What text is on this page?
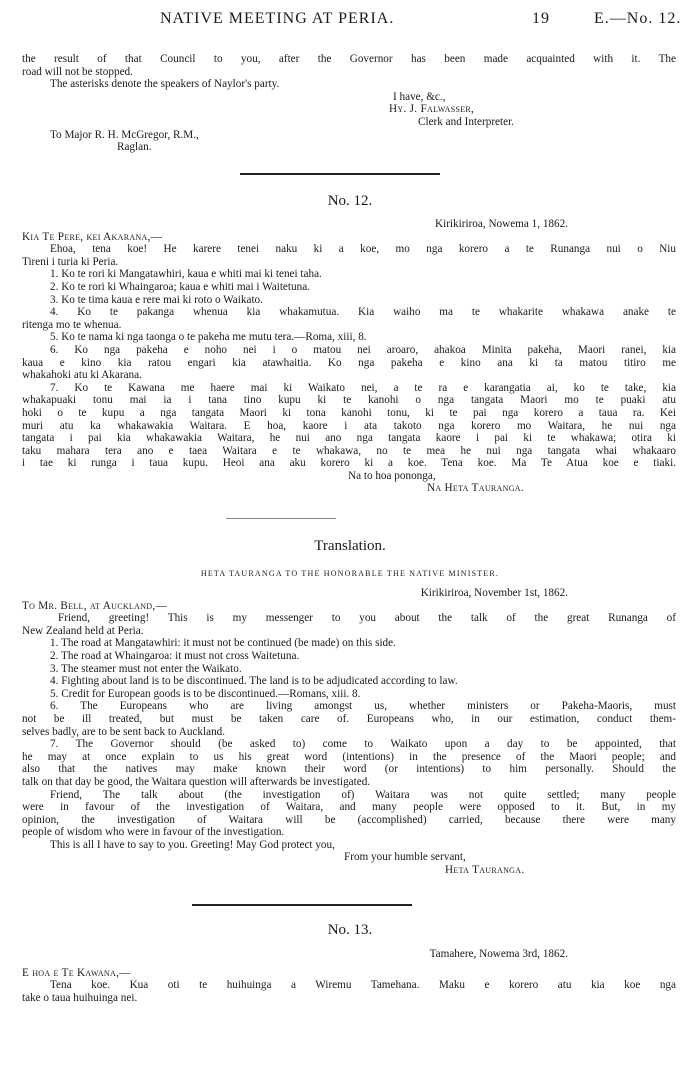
NATIVE MEETING AT PERIA.	19	E.—No. 12.
the result of that Council to you, after the Governor has been made acquainted with it. The
road will not be stopped.
The asterisks denote the speakers of Naylor's party.
I have, &c.,
Hy. J. Falwasser,
Clerk and Interpreter.
To Major R. H. McGregor, R.M.,
Raglan.
No. 12.
Kirikiriroa, Nowema 1, 1862.
Kia Te Pere, kei Akarana,—
Ehoa, tena koe! He karere tenei naku ki a koe, mo nga korero a te Runanga nui o Niu
Tireni i turia ki Peria.
1. Ko te rori ki Mangatawhiri, kaua e whiti mai ki tenei taha.
2. Ko te rori ki Whaingaroa; kaua e whiti mai i Waitetuna.
3. Ko te tima kaua e rere mai ki roto o Waikato.
4. Ko te pakanga whenua kia whakamutua. Kia waiho ma te whakarite whakawa anake te
ritenga mo te whenua.
5. Ko te nama ki nga taonga o te pakeha me mutu tera.—Roma, xiii, 8.
6. Ko nga pakeha e noho nei i o matou nei aroaro, ahakoa Minita pakeha, Maori ranei, kia
kaua e kino kia ratou engari kia atawhaitia. Ko nga pakeha e kino ana ki ta matou titiro me
whakahoki atu ki Akarana.
7. Ko te Kawana me haere mai ki Waikato nei, a te ra e karangatia ai, ko te take, kia
whakapuaki tonu mai ia i tana tino kupu ki te kanohi o nga tangata Maori mo te puaki atu
hoki o te kupu a nga tangata Maori ki tona kanohi tonu, ki te pai nga korero a taua ra. Kei
muri atu ka whakawakia Waitara. E hoa, kaore i ata takoto nga korero mo Waitara, he nui nga
tangata i pai kia whakawakia Waitara, he nui ano nga tangata kaore i pai ki te whakawa; otira ki
taku mahara tera ano e taea Waitara e te whakawa, no te mea he nui nga tangata whai whakaaro
i tae ki runga i taua kupu. Heoi ana aku korero ki a koe. Tena koe. Ma Te Atua koe e tiaki.
Na to hoa pononga,
Na Heta Tauranga.
Translation.
HETA TAURANGA TO THE HONORABLE THE NATIVE MINISTER.
Kirikiriroa, November 1st, 1862.
To Mr. Bell, at Auckland,—
Friend, greeting! This is my messenger to you about the talk of the great Runanga of
New Zealand held at Peria.
1. The road at Mangatawhiri: it must not be continued (be made) on this side.
2. The road at Whaingaroa: it must not cross Waitetuna.
3. The steamer must not enter the Waikato.
4. Fighting about land is to be discontinued. The land is to be adjudicated according to law.
5. Credit for European goods is to be discontinued.—Romans, xiii. 8.
6. The Europeans who are living amongst us, whether ministers or Pakeha-Maoris, must
not be ill treated, but must be taken care of. Europeans who, in our estimation, conduct them-
selves badly, are to be sent back to Auckland.
7. The Governor should (be asked to) come to Waikato upon a day to be appointed, that
he may at once explain to us his great word (intentions) in the presence of the Maori people; and
also that the natives may make known their word (or intentions) to him personally. Should the
talk on that day be good, the Waitara question will afterwards be investigated.
Friend, The talk about (the investigation of) Waitara was not quite settled; many people
were in favour of the investigation of Waitara, and many people were opposed to it. But, in my
opinion, the investigation of Waitara will be (accomplished) carried, because there were many
people of wisdom who were in favour of the investigation.
This is all I have to say to you. Greeting! May God protect you,
From your humble servant,
Heta Tauranga.
No. 13.
Tamahere, Nowema 3rd, 1862.
E hoa e Te Kawana,—
Tena koe. Kua oti te huihuinga a Wiremu Tamehana. Maku e korero atu kia koe nga
take o taua huihuinga nei.
